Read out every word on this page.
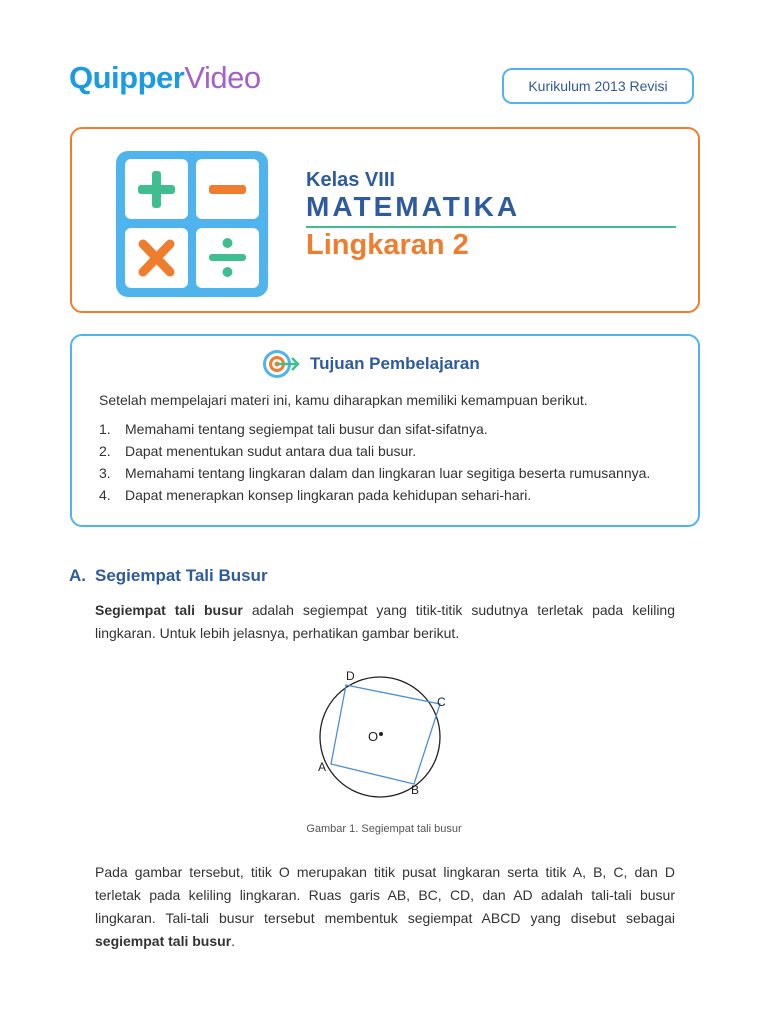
QuipperVideo	Kurikulum 2013 Revisi
Kelas VIII
MATEMATIKA
Lingkaran 2
Tujuan Pembelajaran
Setelah mempelajari materi ini, kamu diharapkan memiliki kemampuan berikut.
1.	Memahami tentang segiempat tali busur dan sifat-sifatnya.
2.	Dapat menentukan sudut antara dua tali busur.
3.	Memahami tentang lingkaran dalam dan lingkaran luar segitiga beserta rumusannya.
4.	Dapat menerapkan konsep lingkaran pada kehidupan sehari-hari.
A. Segiempat Tali Busur

Segiempat tali busur adalah segiempat yang titik-titik sudutnya terletak pada keliling lingkaran. Untuk lebih jelasnya, perhatikan gambar berikut.

O
A
B
C
D
Gambar 1. Segiempat tali busur

Pada gambar tersebut, titik O merupakan titik pusat lingkaran serta titik A, B, C, dan D terletak pada keliling lingkaran. Ruas garis AB, BC, CD, dan AD adalah tali-tali busur lingkaran. Tali-tali busur tersebut membentuk segiempat ABCD yang disebut sebagai segiempat tali busur.
